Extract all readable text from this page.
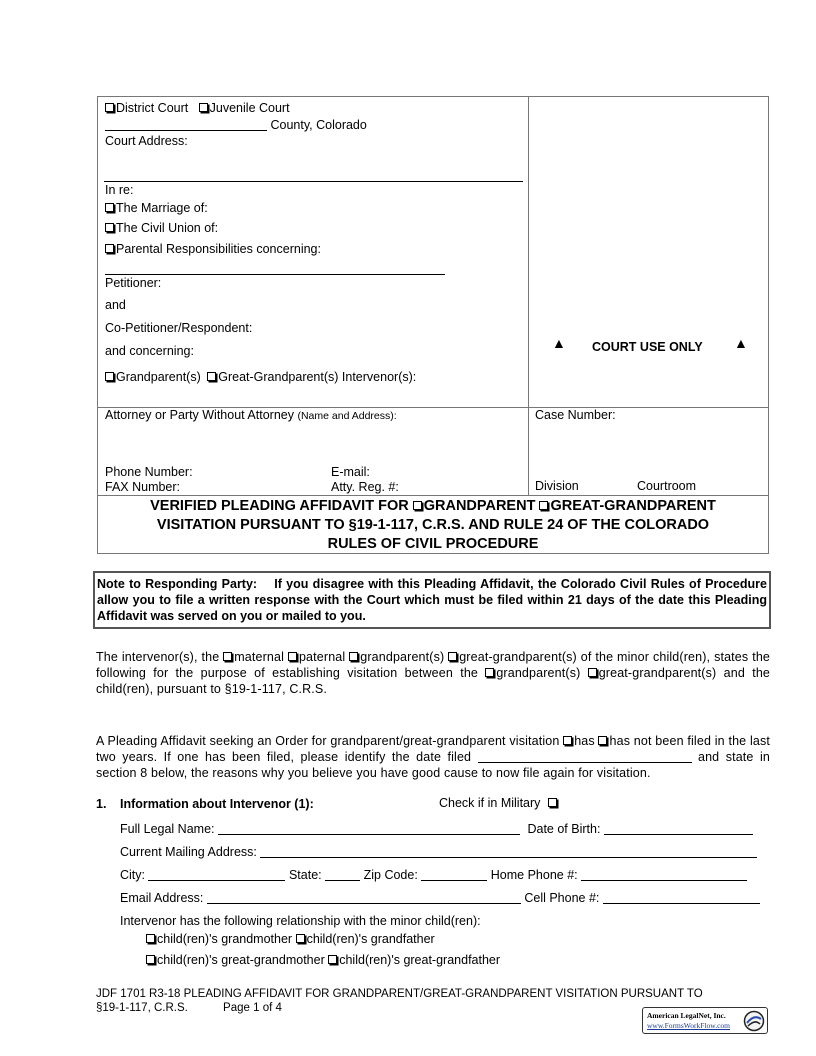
District Court Juvenile Court
County, Colorado
Court Address:
In re:
The Marriage of:
The Civil Union of:
Parental Responsibilities concerning:
Petitioner:
and
Co-Petitioner/Respondent:
and concerning:
Grandparent(s) Great-Grandparent(s) Intervenor(s):
▲ COURT USE ONLY ▲
Attorney or Party Without Attorney (Name and Address):
Phone Number:	E-mail:
FAX Number:	Atty. Reg. #:
Case Number:
Division	Courtroom
VERIFIED PLEADING AFFIDAVIT FOR GRANDPARENT GREAT-GRANDPARENT
VISITATION PURSUANT TO §19-1-117, C.R.S. AND RULE 24 OF THE COLORADO
RULES OF CIVIL PROCEDURE
Note to Responding Party: If you disagree with this Pleading Affidavit, the Colorado Civil Rules of Procedure allow you to file a written response with the Court which must be filed within 21 days of the date this Pleading Affidavit was served on you or mailed to you.
The intervenor(s), the maternal paternal grandparent(s) great-grandparent(s) of the minor child(ren), states the following for the purpose of establishing visitation between the grandparent(s) great-grandparent(s) and the child(ren), pursuant to §19-1-117, C.R.S.
A Pleading Affidavit seeking an Order for grandparent/great-grandparent visitation has has not been filed in the last two years. If one has been filed, please identify the date filed	and state in section 8 below, the reasons why you believe you have good cause to now file again for visitation.
1. Information about Intervenor (1):	Check if in Military
Full Legal Name:	Date of Birth:
Current Mailing Address:
City:	State:	Zip Code:	Home Phone #:
Email Address:	Cell Phone #:
Intervenor has the following relationship with the minor child(ren):
child(ren)'s grandmother child(ren)'s grandfather
child(ren)'s great-grandmother child(ren)'s great-grandfather
JDF 1701 R3-18 PLEADING AFFIDAVIT FOR GRANDPARENT/GREAT-GRANDPARENT VISITATION PURSUANT TO
§19-1-117, C.R.S.	Page 1 of 4
American LegalNet, Inc.
www.FormsWorkFlow.com
